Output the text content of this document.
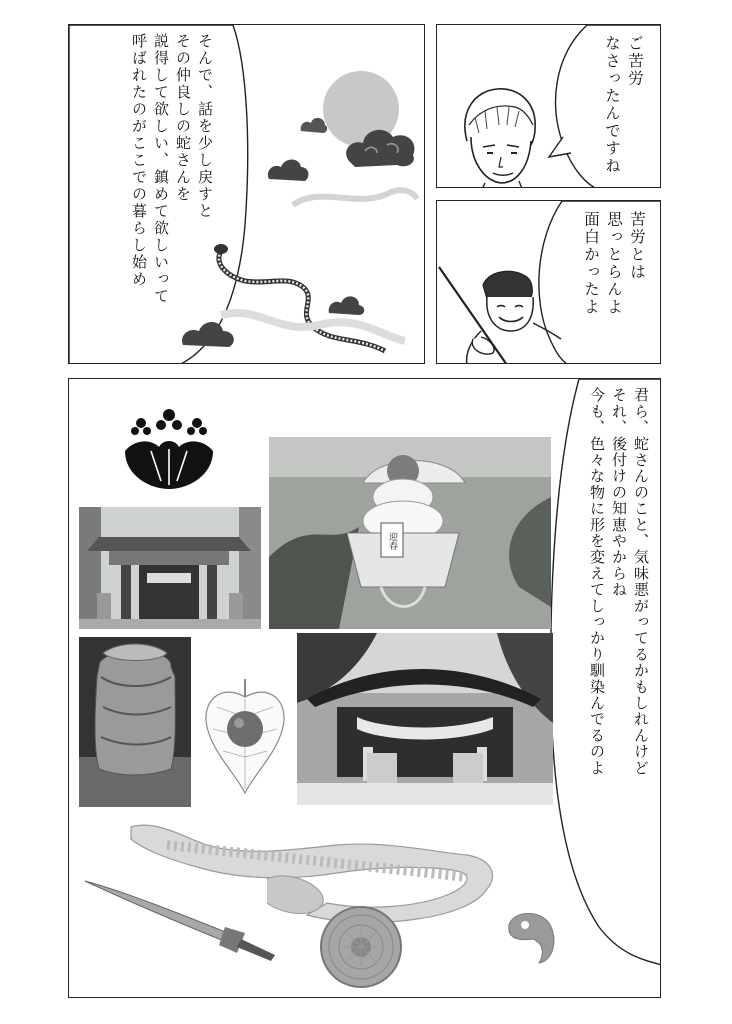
ご苦労
なさったんですね
苦労とは
思っとらんよ
面白かったよ
そんで、話を少し戻すと
その仲良しの蛇さんを
説得して欲しい、鎮めて欲しいって
呼ばれたのがここでの暮らし始め
君ら、蛇さんのこと、気味悪がってるかもしれんけど
それ、後付けの知恵やからね
今も、色々な物に形を変えてしっかり馴染んでるのよ
迎春
